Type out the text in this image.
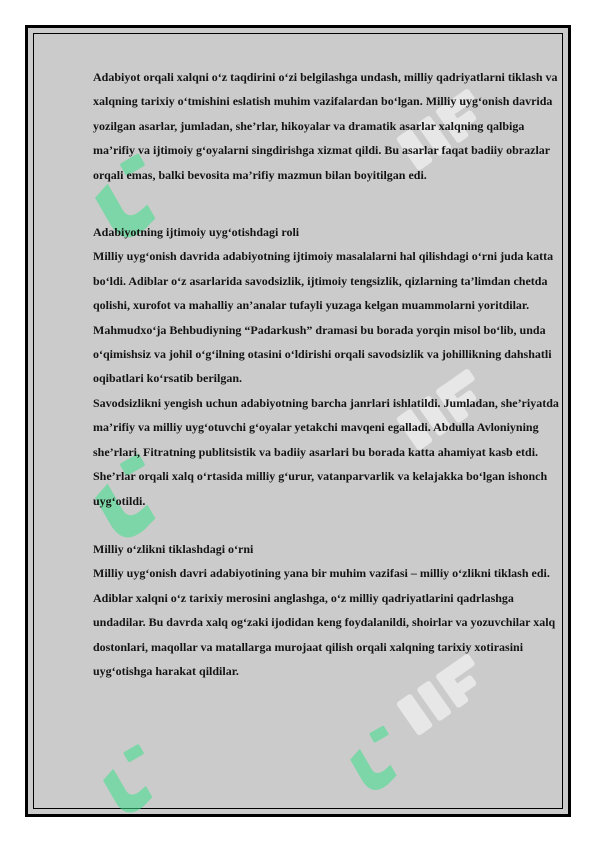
Adabiyot orqali xalqni o‘z taqdirini o‘zi belgilashga undash, milliy qadriyatlarni tiklash va xalqning tarixiy o‘tmishini eslatish muhim vazifalardan bo‘lgan. Milliy uyg‘onish davrida yozilgan asarlar, jumladan, she’rlar, hikoyalar va dramatik asarlar xalqning qalbiga ma’rifiy va ijtimoiy g‘oyalarni singdirishga xizmat qildi. Bu asarlar faqat badiiy obrazlar orqali emas, balki bevosita ma’rifiy mazmun bilan boyitilgan edi.

Adabiyotning ijtimoiy uyg‘otishdagi roli

Milliy uyg‘onish davrida adabiyotning ijtimoiy masalalarni hal qilishdagi o‘rni juda katta bo‘ldi. Adiblar o‘z asarlarida savodsizlik, ijtimoiy tengsizlik, qizlarning ta’limdan chetda qolishi, xurofot va mahalliy an’analar tufayli yuzaga kelgan muammolarni yoritdilar. Mahmudxo‘ja Behbudiyning “Padarkush” dramasi bu borada yorqin misol bo‘lib, unda o‘qimishsiz va johil o‘g‘ilning otasini o‘ldirishi orqali savodsizlik va johillikning dahshatli oqibatlari ko‘rsatib berilgan.

Savodsizlikni yengish uchun adabiyotning barcha janrlari ishlatildi. Jumladan, she’riyatda ma’rifiy va milliy uyg‘otuvchi g‘oyalar yetakchi mavqeni egalladi. Abdulla Avloniyning she’rlari, Fitratning publitsistik va badiiy asarlari bu borada katta ahamiyat kasb etdi. She’rlar orqali xalq o‘rtasida milliy g‘urur, vatanparvarlik va kelajakka bo‘lgan ishonch uyg‘otildi.

Milliy o‘zlikni tiklashdagi o‘rni

Milliy uyg‘onish davri adabiyotining yana bir muhim vazifasi – milliy o‘zlikni tiklash edi. Adiblar xalqni o‘z tarixiy merosini anglashga, o‘z milliy qadriyatlarini qadrlashga undadilar. Bu davrda xalq og‘zaki ijodidan keng foydalanildi, shoirlar va yozuvchilar xalq dostonlari, maqollar va matallarga murojaat qilish orqali xalqning tarixiy xotirasini uyg‘otishga harakat qildilar.
